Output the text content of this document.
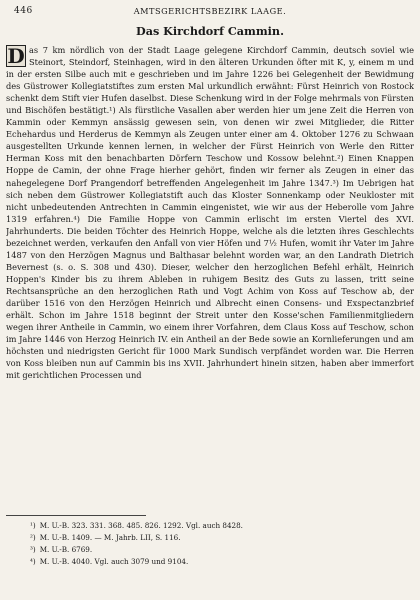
446	AMTSGERICHTSBEZIRK LAAGE.
Das Kirchdorf Cammin.

D as 7 km nördlich von der Stadt Laage gelegene Kirchdorf Cammin, deutsch soviel wie Steinort, Steindorf, Steinhagen, wird in den älteren Urkunden öfter mit K, y, einem m und in der ersten Silbe auch mit e geschrieben und im Jahre 1226 bei Gelegenheit der Bewidmung des Güstrower Kollegiatstiftes zum ersten Mal urkundlich erwähnt: Fürst Heinrich von Rostock schenkt dem Stift vier Hufen daselbst. Diese Schenkung wird in der Folge mehrmals von Fürsten und Bischöfen bestätigt.¹) Als fürstliche Vasallen aber werden hier um jene Zeit die Herren von Kammin oder Kemmyn ansässig gewesen sein, von denen wir zwei Mitglieder, die Ritter Echehardus und Herderus de Kemmyn als Zeugen unter einer am 4. Oktober 1276 zu Schwaan ausgestellten Urkunde kennen lernen, in welcher der Fürst Heinrich von Werle den Ritter Herman Koss mit den benachbarten Dörfern Teschow und Kossow belehnt.²) Einen Knappen Hoppe de Camin, der ohne Frage hierher gehört, finden wir ferner als Zeugen in einer das nahegelegene Dorf Prangendorf betreffenden Angelegenheit im Jahre 1347.³) Im Uebrigen hat sich neben dem Güstrower Kollegiatstift auch das Kloster Sonnenkamp oder Neukloster mit nicht unbedeutenden Antrechten in Cammin eingenistet, wie wir aus der Heberolle vom Jahre 1319 erfahren.⁴) Die Familie Hoppe von Cammin erlischt im ersten Viertel des XVI. Jahrhunderts. Die beiden Töchter des Heinrich Hoppe, welche als die letzten ihres Geschlechts bezeichnet werden, verkaufen den Anfall von vier Höfen und 7½ Hufen, womit ihr Vater im Jahre 1487 von den Herzögen Magnus und Balthasar belehnt worden war, an den Landrath Dietrich Bevernest (s. o. S. 308 und 430). Dieser, welcher den herzoglichen Befehl erhält, Heinrich Hoppen's Kinder bis zu ihrem Ableben in ruhigem Besitz des Guts zu lassen, tritt seine Rechtsansprüche an den herzoglichen Rath und Vogt Achim von Koss auf Teschow ab, der darüber 1516 von den Herzögen Heinrich und Albrecht einen Consens- und Exspectanzbrief erhält. Schon im Jahre 1518 beginnt der Streit unter den Kosse'schen Familienmitgliedern wegen ihrer Antheile in Cammin, wo einem ihrer Vorfahren, dem Claus Koss auf Teschow, schon im Jahre 1446 von Herzog Heinrich IV. ein Antheil an der Bede sowie an Kornlieferungen und am höchsten und niedrigsten Gericht für 1000 Mark Sundisch verpfändet worden war. Die Herren von Koss bleiben nun auf Cammin bis ins XVII. Jahrhundert hinein sitzen, haben aber immerfort mit gerichtlichen Processen und

¹) M. U.-B. 323. 331. 368. 485. 826. 1292. Vgl. auch 8428.
²) M. U.-B. 1409. — M. Jahrb. LII, S. 116.
³) M. U.-B. 6769.
⁴) M. U.-B. 4040. Vgl. auch 3079 und 9104.
